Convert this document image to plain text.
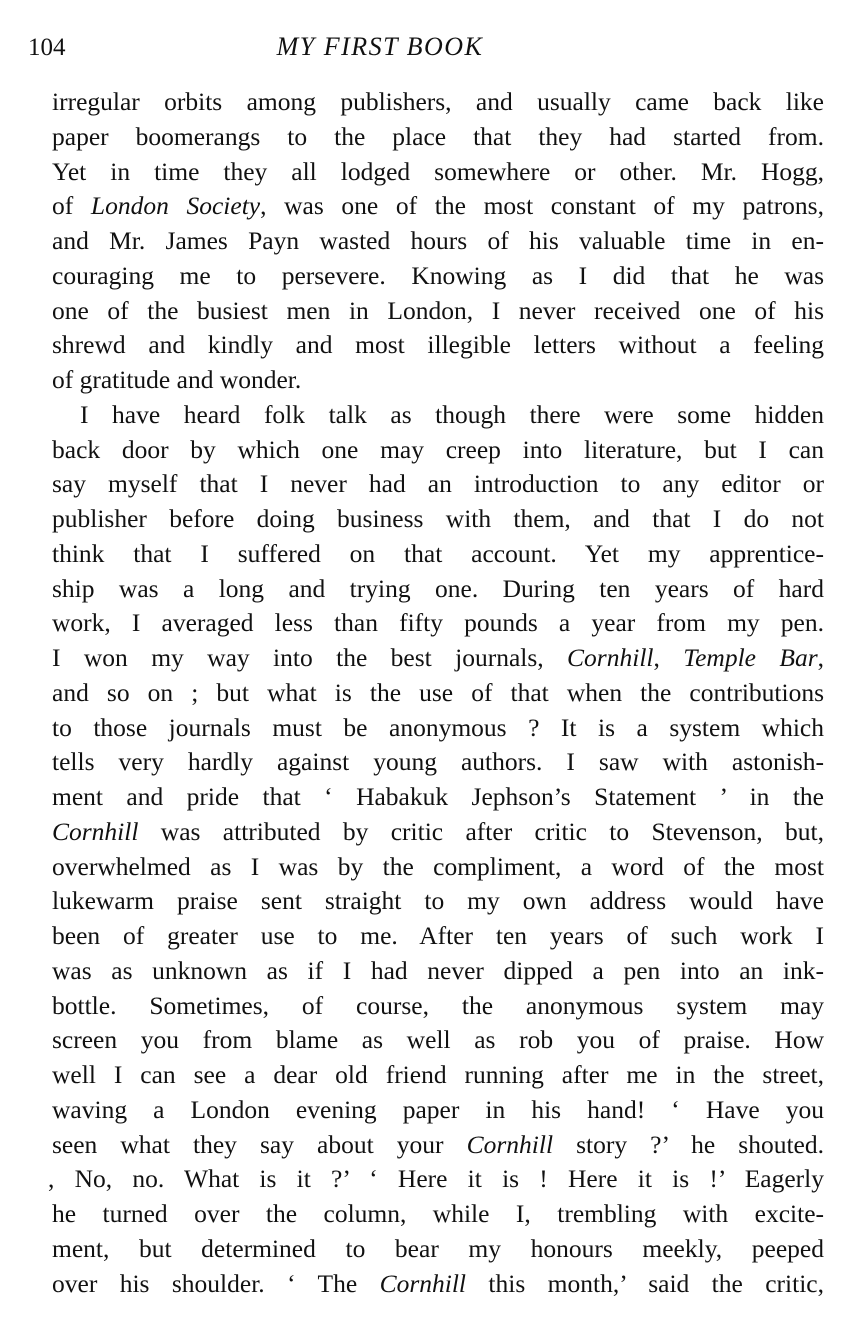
104	MY FIRST BOOK
irregular orbits among publishers, and usually came back like
paper boomerangs to the place that they had started from.
Yet in time they all lodged somewhere or other. Mr. Hogg,
of London Society, was one of the most constant of my patrons,
and Mr. James Payn wasted hours of his valuable time in en-
couraging me to persevere. Knowing as I did that he was
one of the busiest men in London, I never received one of his
shrewd and kindly and most illegible letters without a feeling
of gratitude and wonder.
I have heard folk talk as though there were some hidden
back door by which one may creep into literature, but I can
say myself that I never had an introduction to any editor or
publisher before doing business with them, and that I do not
think that I suffered on that account. Yet my apprentice-
ship was a long and trying one. During ten years of hard
work, I averaged less than fifty pounds a year from my pen.
I won my way into the best journals, Cornhill, Temple Bar,
and so on ; but what is the use of that when the contributions
to those journals must be anonymous ? It is a system which
tells very hardly against young authors. I saw with astonish-
ment and pride that ‘ Habakuk Jephson’s Statement ’ in the
Cornhill was attributed by critic after critic to Stevenson, but,
overwhelmed as I was by the compliment, a word of the most
lukewarm praise sent straight to my own address would have
been of greater use to me. After ten years of such work I
was as unknown as if I had never dipped a pen into an ink-
bottle. Sometimes, of course, the anonymous system may
screen you from blame as well as rob you of praise. How
well I can see a dear old friend running after me in the street,
waving a London evening paper in his hand! ‘ Have you
seen what they say about your Cornhill story ?’ he shouted.
, No, no. What is it ?’ ‘ Here it is ! Here it is !’ Eagerly
he turned over the column, while I, trembling with excite-
ment, but determined to bear my honours meekly, peeped
over his shoulder. ‘ The Cornhill this month,’ said the critic,
